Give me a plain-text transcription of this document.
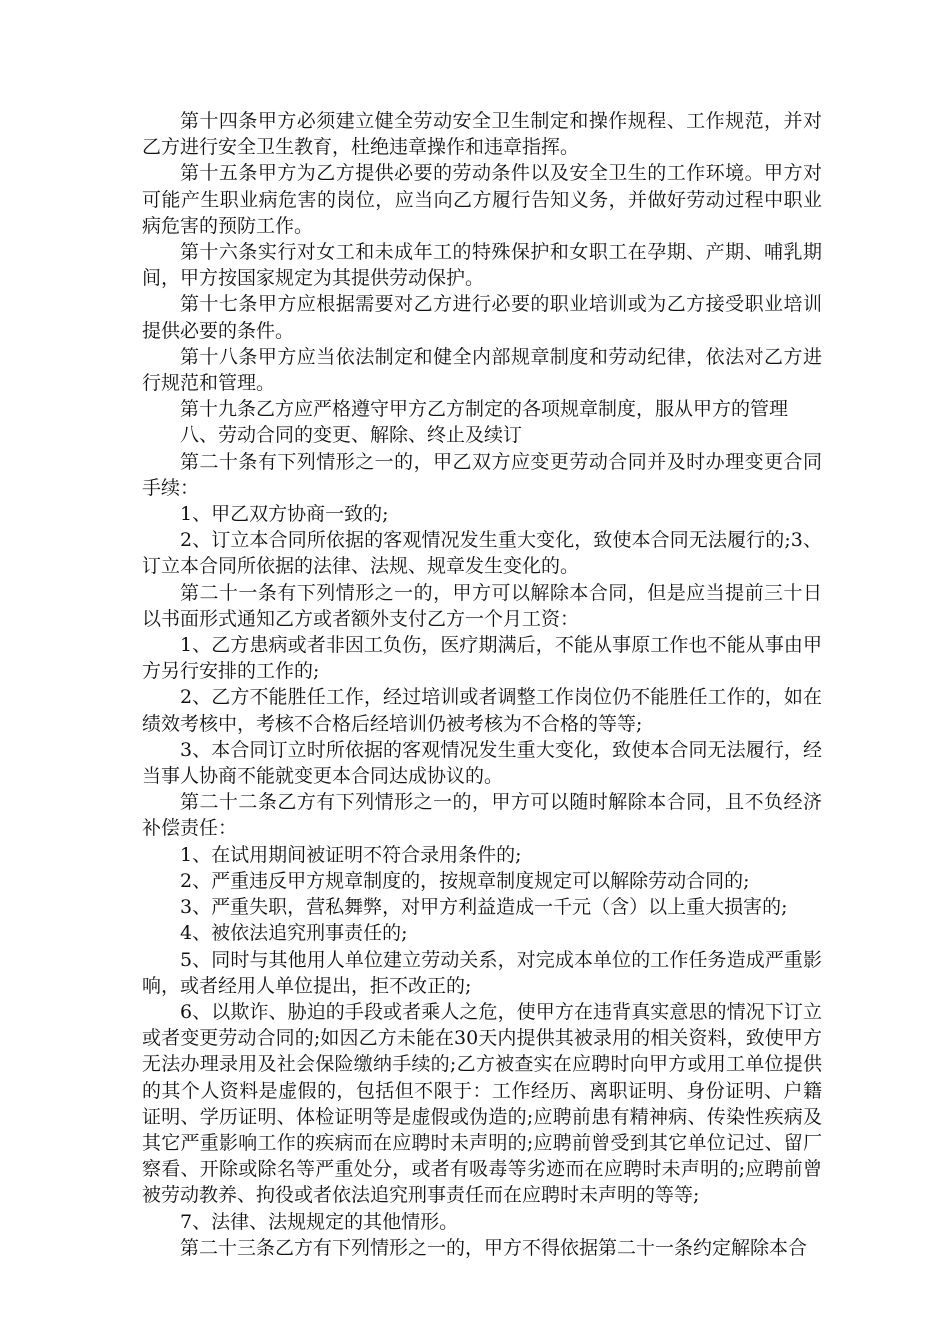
第十四条甲方必须建立健全劳动安全卫生制定和操作规程、工作规范，并对乙方进行安全卫生教育，杜绝违章操作和违章指挥。

第十五条甲方为乙方提供必要的劳动条件以及安全卫生的工作环境。甲方对可能产生职业病危害的岗位，应当向乙方履行告知义务，并做好劳动过程中职业病危害的预防工作。

第十六条实行对女工和未成年工的特殊保护和女职工在孕期、产期、哺乳期间，甲方按国家规定为其提供劳动保护。

第十七条甲方应根据需要对乙方进行必要的职业培训或为乙方接受职业培训提供必要的条件。

第十八条甲方应当依法制定和健全内部规章制度和劳动纪律，依法对乙方进行规范和管理。

第十九条乙方应严格遵守甲方乙方制定的各项规章制度，服从甲方的管理

八、劳动合同的变更、解除、终止及续订

第二十条有下列情形之一的，甲乙双方应变更劳动合同并及时办理变更合同手续：

1、甲乙双方协商一致的;

2、订立本合同所依据的客观情况发生重大变化，致使本合同无法履行的;3、订立本合同所依据的法律、法规、规章发生变化的。

第二十一条有下列情形之一的，甲方可以解除本合同，但是应当提前三十日以书面形式通知乙方或者额外支付乙方一个月工资：

1、乙方患病或者非因工负伤，医疗期满后，不能从事原工作也不能从事由甲方另行安排的工作的;

2、乙方不能胜任工作，经过培训或者调整工作岗位仍不能胜任工作的，如在绩效考核中，考核不合格后经培训仍被考核为不合格的等等;

3、本合同订立时所依据的客观情况发生重大变化，致使本合同无法履行，经当事人协商不能就变更本合同达成协议的。

第二十二条乙方有下列情形之一的，甲方可以随时解除本合同，且不负经济补偿责任：

1、在试用期间被证明不符合录用条件的;

2、严重违反甲方规章制度的，按规章制度规定可以解除劳动合同的;

3、严重失职，营私舞弊，对甲方利益造成一千元（含）以上重大损害的;

4、被依法追究刑事责任的;

5、同时与其他用人单位建立劳动关系，对完成本单位的工作任务造成严重影响，或者经用人单位提出，拒不改正的;

6、以欺诈、胁迫的手段或者乘人之危，使甲方在违背真实意思的情况下订立或者变更劳动合同的;如因乙方未能在30天内提供其被录用的相关资料，致使甲方无法办理录用及社会保险缴纳手续的;乙方被查实在应聘时向甲方或用工单位提供的其个人资料是虚假的，包括但不限于：工作经历、离职证明、身份证明、户籍证明、学历证明、体检证明等是虚假或伪造的;应聘前患有精神病、传染性疾病及其它严重影响工作的疾病而在应聘时未声明的;应聘前曾受到其它单位记过、留厂察看、开除或除名等严重处分，或者有吸毒等劣迹而在应聘时未声明的;应聘前曾被劳动教养、拘役或者依法追究刑事责任而在应聘时未声明的等等;

7、法律、法规规定的其他情形。

第二十三条乙方有下列情形之一的，甲方不得依据第二十一条约定解除本合
